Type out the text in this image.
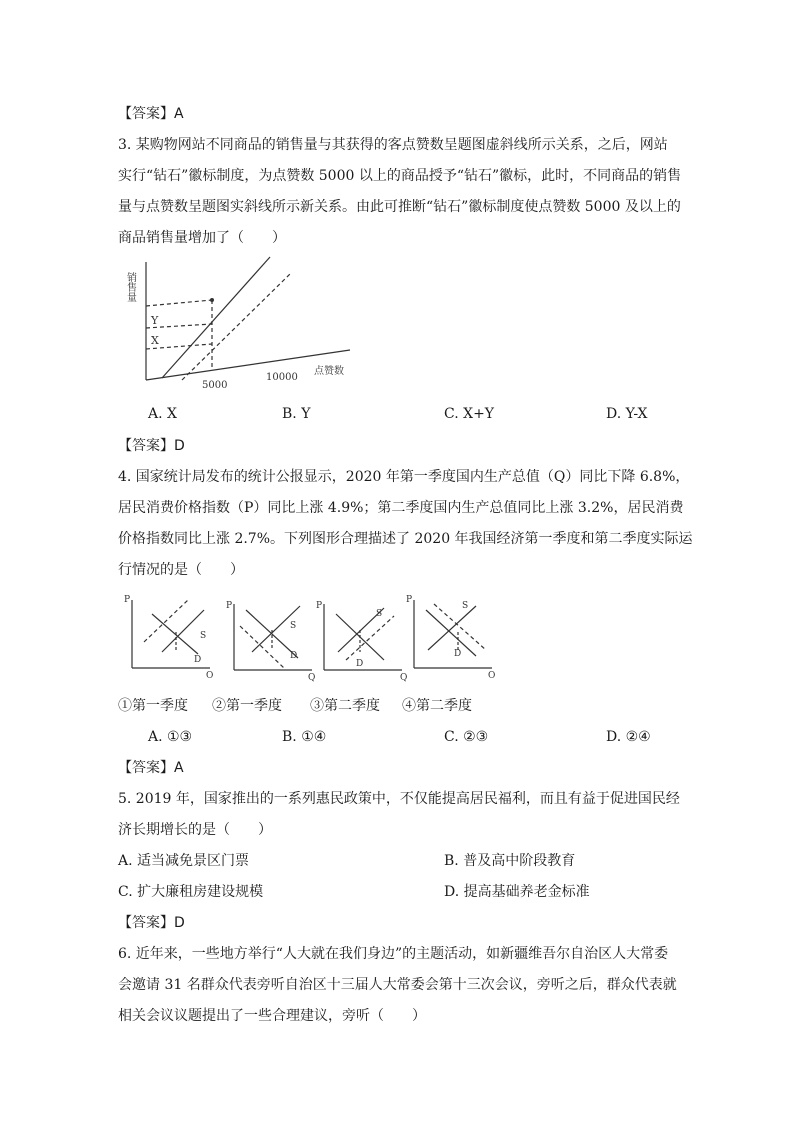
【答案】A
3. 某购物网站不同商品的销售量与其获得的客点赞数呈题图虚斜线所示关系，之后，网站
实行“钻石”徽标制度，为点赞数 5000 以上的商品授予“钻石”徽标，此时，不同商品的销售
量与点赞数呈题图实斜线所示新关系。由此可推断“钻石”徽标制度使点赞数 5000 及以上的
商品销售量增加了（　　）
销售量
Y
X
5000
10000
点赞数
A. X	B. Y	C. X+Y	D. Y-X
【答案】D
4. 国家统计局发布的统计公报显示，2020 年第一季度国内生产总值（Q）同比下降 6.8%，
居民消费价格指数（P）同比上涨 4.9%；第二季度国内生产总值同比上涨 3.2%，居民消费
价格指数同比上涨 2.7%。下列图形合理描述了 2020 年我国经济第一季度和第二季度实际运
行情况的是（　　）
P
S
D
Q
P
S
D
Q
P
S
D
Q
P
S
D
Q
①第一季度 ②第一季度 ③第二季度 ④第二季度
A. ①③	B. ①④	C. ②③	D. ②④
【答案】A
5. 2019 年，国家推出的一系列惠民政策中，不仅能提高居民福利，而且有益于促进国民经
济长期增长的是（　　）
A. 适当减免景区门票	B. 普及高中阶段教育
C. 扩大廉租房建设规模	D. 提高基础养老金标准
【答案】D
6. 近年来，一些地方举行“人大就在我们身边”的主题活动，如新疆维吾尔自治区人大常委
会邀请 31 名群众代表旁听自治区十三届人大常委会第十三次会议，旁听之后，群众代表就
相关会议议题提出了一些合理建议，旁听（　　）
